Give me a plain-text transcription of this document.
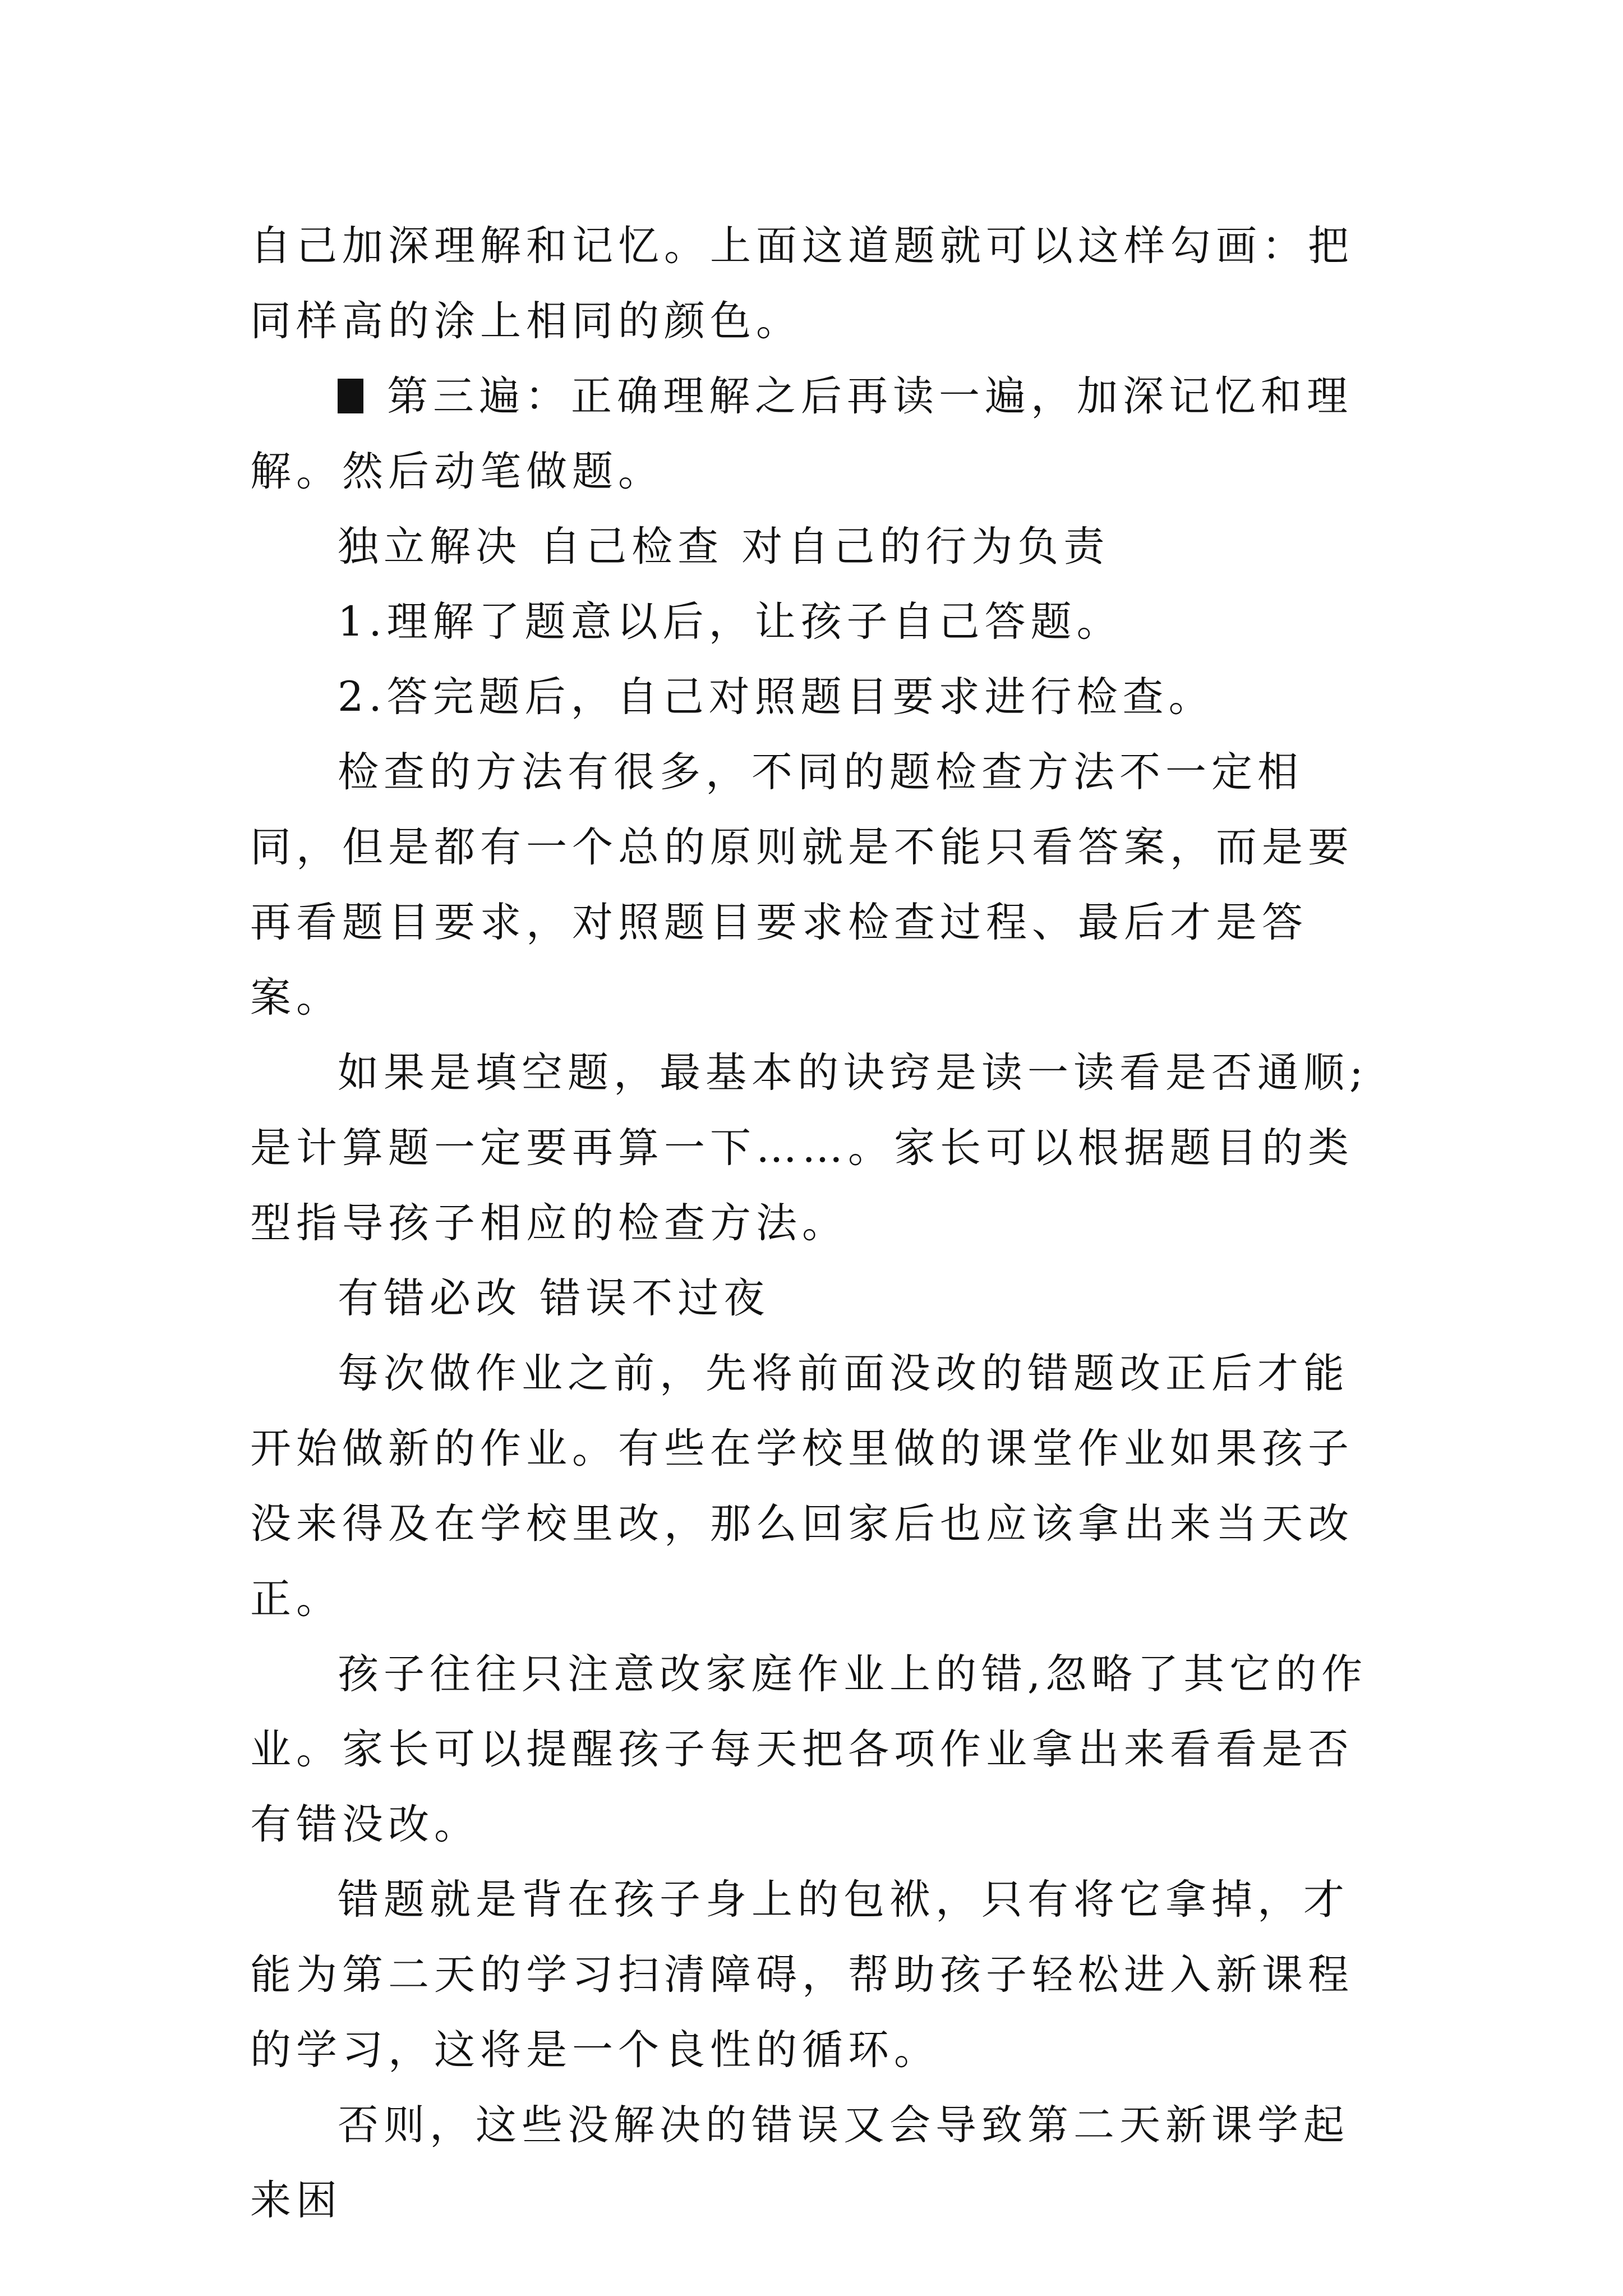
自己加深理解和记忆。上面这道题就可以这样勾画：把同样高的涂上相同的颜色。

第三遍：正确理解之后再读一遍，加深记忆和理解。然后动笔做题。

独立解决 自己检查 对自己的行为负责

1.理解了题意以后，让孩子自己答题。

2.答完题后，自己对照题目要求进行检查。

检查的方法有很多，不同的题检查方法不一定相同，但是都有一个总的原则就是不能只看答案，而是要再看题目要求，对照题目要求检查过程、最后才是答案。

如果是填空题，最基本的诀窍是读一读看是否通顺;是计算题一定要再算一下……。家长可以根据题目的类型指导孩子相应的检查方法。

有错必改 错误不过夜

每次做作业之前，先将前面没改的错题改正后才能开始做新的作业。有些在学校里做的课堂作业如果孩子没来得及在学校里改，那么回家后也应该拿出来当天改正。

孩子往往只注意改家庭作业上的错,忽略了其它的作业。家长可以提醒孩子每天把各项作业拿出来看看是否有错没改。

错题就是背在孩子身上的包袱，只有将它拿掉，才能为第二天的学习扫清障碍，帮助孩子轻松进入新课程的学习，这将是一个良性的循环。

否则，这些没解决的错误又会导致第二天新课学起来困
